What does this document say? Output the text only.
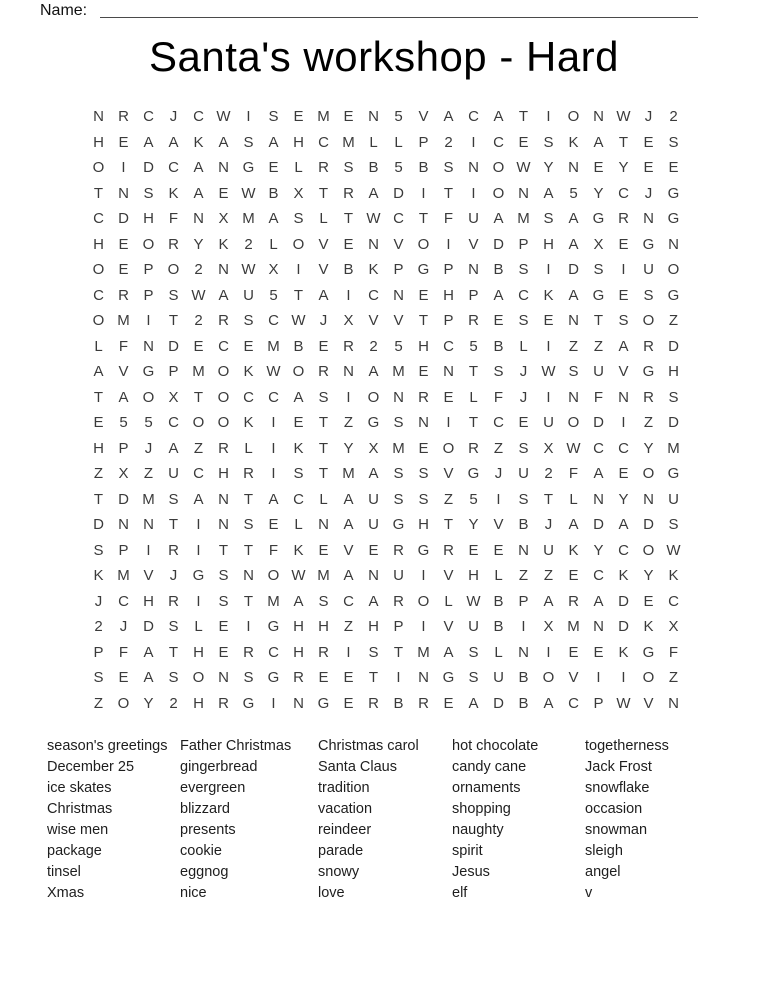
Name:
Santa's workshop - Hard
N R C	J	C W	I	S E M E N	5	V A C A	T	I	O N W J	2
H E A A K A S A H C M L	L	P	2	I	C E S K A	T	E S
O	I	D C A N G E	L	R S B	5	B S N O W Y N E Y E E
T	N S K A E W B X	T	R A D	I	T	I	O N A	5	Y C	J	G
C D H F	N X M A S	L	T W C T	F	U A M S A G R N G
H E O R Y K	2	L O V E N V O	I	V D P H A X E G N
O E P O	2	N W X	I	V B K P G P N B S	I	D S	I	U O
C R P S W A U	5	T	A	I	C N E H P A C K A G E S G
O M	I	T	2	R S C W J	X V V	T	P R E S E N T	S O Z
L	F	N D E C E M B E R	2	5	H C	5	B	L	I	Z	Z	A R D
A V G P M O K W O R N A M E N T	S	J W S U V G H
T	A O X	T O C C A S	I	O N R E	L	F	J	I	N F	N R S
E	5	5	C O O K	I	E	T	Z G S N	I	T	C E U O D	I	Z	D
H P	J	A	Z	R	L	I	K	T	Y X M E O R Z	S X W C C Y M
Z	X	Z	U C H R	I	S	T M A S S V G	J	U	2	F	A E O G
T	D M S A N T	A C	L	A U S S	Z	5	I	S	T	L	N Y N U
D N N T	I	N S E	L	N A U G H T	Y V B	J	A D A D S
S P	I	R	I	T	T	F	K E V E R G R E E N U K Y C O W
K M V	J	G S N O W M A N U	I	V H	L	Z	Z	E C K Y K
J	C H R	I	S	T M A S C A R O	L W B P A R A D E C
2	J	D S	L	E	I	G H H Z	H P	I	V U B	I	X M N D K X
P	F	A	T	H E R C H R	I	S	T M A S	L	N	I	E E K G F
S E A S O N S G R E E	T	I	N G S U B O V	I	I	O Z
Z O Y	2	H R G	I	N G E R B R E A D B A C P W V N
season's greetings
December 25
ice skates
Christmas
wise men
package
tinsel
Xmas
Father Christmas
gingerbread
evergreen
blizzard
presents
cookie
eggnog
nice
Christmas carol
Santa Claus
tradition
vacation
reindeer
parade
snowy
love
hot chocolate
candy cane
ornaments
shopping
naughty
spirit
Jesus
elf
togetherness
Jack Frost
snowflake
occasion
snowman
sleigh
angel
v
